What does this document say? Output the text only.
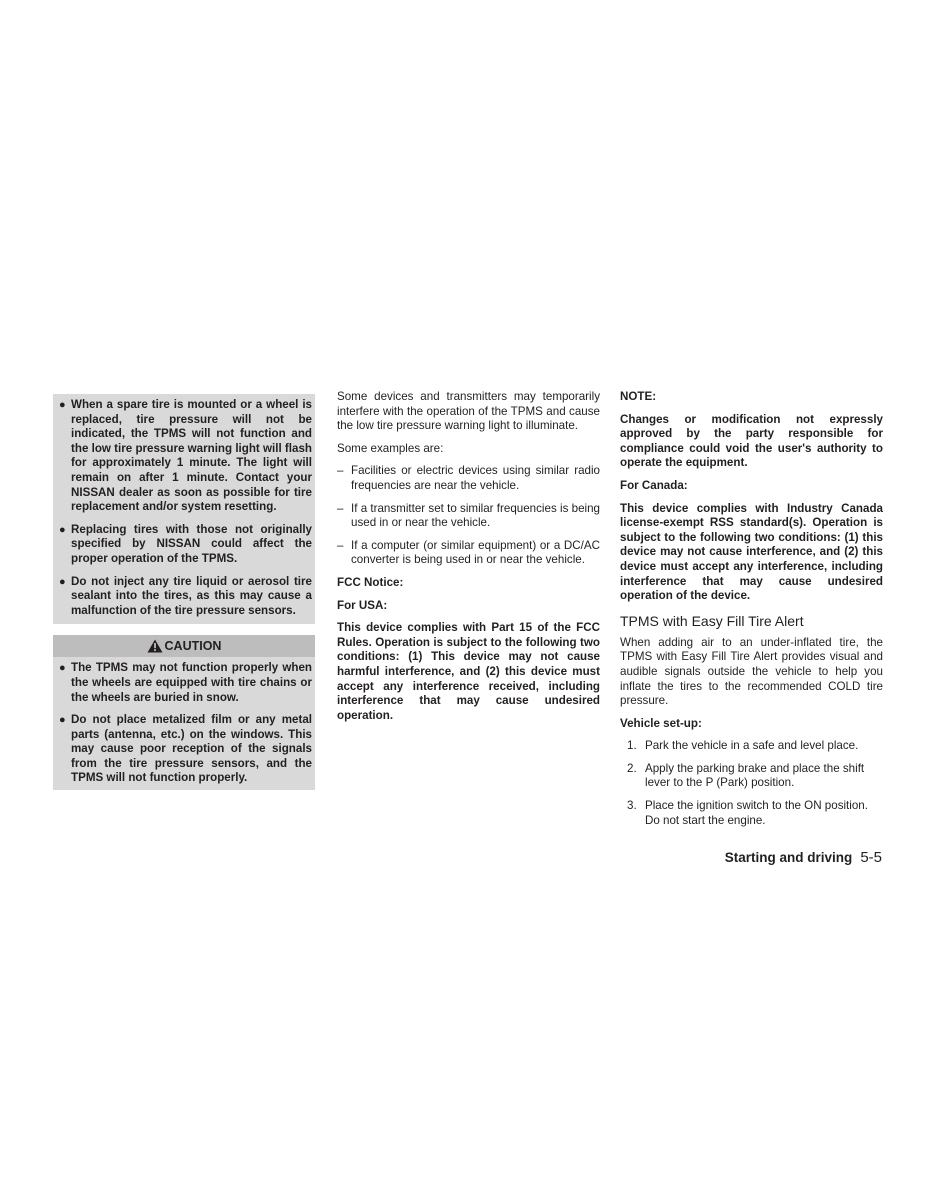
● When a spare tire is mounted or a wheel is replaced, tire pressure will not be indicated, the TPMS will not function and the low tire pressure warning light will flash for approximately 1 minute. The light will remain on after 1 minute. Contact your NISSAN dealer as soon as possible for tire replacement and/or system resetting.
● Replacing tires with those not originally specified by NISSAN could affect the proper operation of the TPMS.
● Do not inject any tire liquid or aerosol tire sealant into the tires, as this may cause a malfunction of the tire pressure sensors.
CAUTION
● The TPMS may not function properly when the wheels are equipped with tire chains or the wheels are buried in snow.
● Do not place metalized film or any metal parts (antenna, etc.) on the windows. This may cause poor reception of the signals from the tire pressure sensors, and the TPMS will not function properly.

Some devices and transmitters may temporarily interfere with the operation of the TPMS and cause the low tire pressure warning light to illuminate.

Some examples are:

– Facilities or electric devices using similar radio frequencies are near the vehicle.
– If a transmitter set to similar frequencies is being used in or near the vehicle.
– If a computer (or similar equipment) or a DC/AC converter is being used in or near the vehicle.

FCC Notice:

For USA:

This device complies with Part 15 of the FCC Rules. Operation is subject to the following two conditions: (1) This device may not cause harmful interference, and (2) this device must accept any interference received, including interference that may cause undesired operation.

NOTE:

Changes or modification not expressly approved by the party responsible for compliance could void the user's authority to operate the equipment.

For Canada:

This device complies with Industry Canada license-exempt RSS standard(s). Operation is subject to the following two conditions: (1) this device may not cause interference, and (2) this device must accept any interference, including interference that may cause undesired operation of the device.

TPMS with Easy Fill Tire Alert

When adding air to an under-inflated tire, the TPMS with Easy Fill Tire Alert provides visual and audible signals outside the vehicle to help you inflate the tires to the recommended COLD tire pressure.

Vehicle set-up:

1. Park the vehicle in a safe and level place.
2. Apply the parking brake and place the shift lever to the P (Park) position.
3. Place the ignition switch to the ON position. Do not start the engine.
Starting and driving 5-5
